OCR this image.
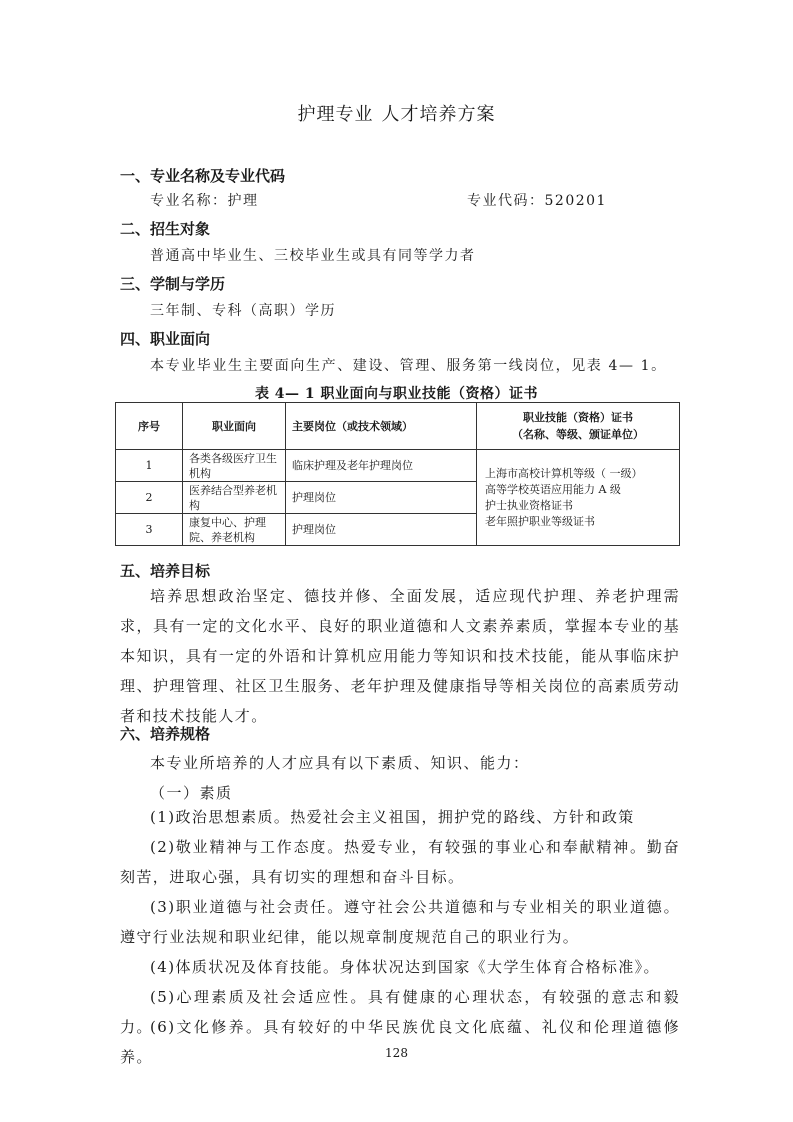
护理专业 人才培养方案
一、专业名称及专业代码
专业名称：护理	专业代码：520201
二、招生对象
普通高中毕业生、三校毕业生或具有同等学力者
三、学制与学历
三年制、专科（高职）学历
四、职业面向
本专业毕业生主要面向生产、建设、管理、服务第一线岗位，见表 4— 1。
表 4— 1 职业面向与职业技能（资格）证书
序号	职业面向	主要岗位（或技术领域）	职业技能（资格）证书
（名称、等级、颁证单位）

1	各类各级医疗卫生机构	临床护理及老年护理岗位	上海市高校计算机等级（ 一级）
高等学校英语应用能力 A 级
护士执业资格证书
老年照护职业等级证书

2	医养结合型养老机构	护理岗位	
3	康复中心、护理院、养老机构	护理岗位	
五、培养目标
培养思想政治坚定、德技并修、全面发展，适应现代护理、养老护理需求，具有一定的文化水平、良好的职业道德和人文素养素质，掌握本专业的基本知识，具有一定的外语和计算机应用能力等知识和技术技能，能从事临床护理、护理管理、社区卫生服务、老年护理及健康指导等相关岗位的高素质劳动者和技术技能人才。
六、培养规格
本专业所培养的人才应具有以下素质、知识、能力：
（一）素质
(1)政治思想素质。热爱社会主义祖国，拥护党的路线、方针和政策
(2)敬业精神与工作态度。热爱专业，有较强的事业心和奉献精神。勤奋刻苦，进取心强，具有切实的理想和奋斗目标。
(3)职业道德与社会责任。遵守社会公共道德和与专业相关的职业道德。遵守行业法规和职业纪律，能以规章制度规范自己的职业行为。
(4)体质状况及体育技能。身体状况达到国家《大学生体育合格标准》。
(5)心理素质及社会适应性。具有健康的心理状态，有较强的意志和毅力。
(6)文化修养。具有较好的中华民族优良文化底蕴、礼仪和伦理道德修养。	128
